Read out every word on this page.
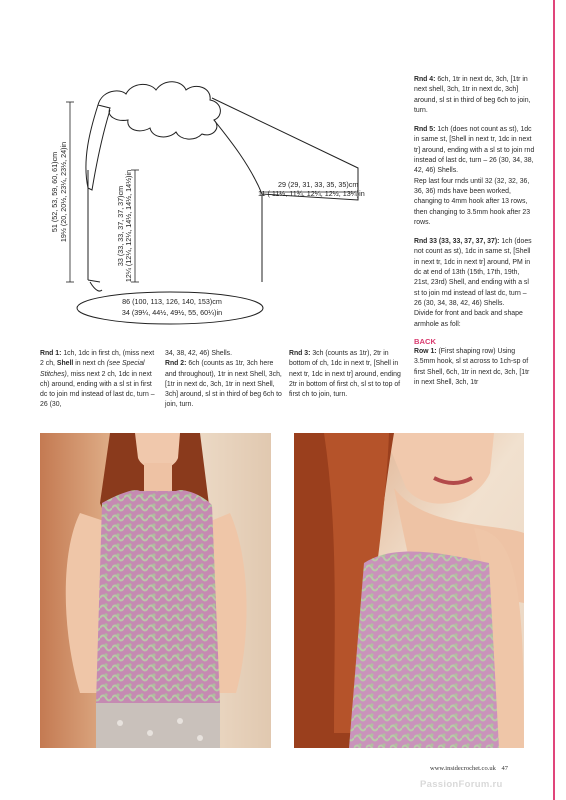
51 (52, 53, 59, 60, 61)cm 19½ (20, 20½, 23¼, 23½, 24)in	33 (33, 33, 37, 37, 37)cm 12¼ (12¼, 12¼, 14½, 14½, 14½)in	29 (29, 31, 33, 35, 35)cm
11 ( 11½, 11¾, 12¼, 12½, 13¼)in
86 (100, 113, 126, 140, 153)cm
34 (39¼, 44½, 49½, 55, 60¼)in

Rnd 4: 6ch, 1tr in next dc, 3ch, [1tr in next shell, 3ch, 1tr in next dc, 3ch] around, sl st in third of beg 6ch to join, turn.

Rnd 5: 1ch (does not count as st), 1dc in same st, [Shell in next tr, 1dc in next tr] around, ending with a sl st to join rnd instead of last dc, turn – 26 (30, 34, 38, 42, 46) Shells.

Rep last four rnds until 32 (32, 32, 36, 36, 36) rnds have been worked, changing to 4mm hook after 13 rows, then changing to 3.5mm hook after 23 rows.

Rnd 33 (33, 33, 37, 37, 37): 1ch (does not count as st), 1dc in same st, [Shell in next tr, 1dc in next tr] around, PM in dc at end of 13th (15th, 17th, 19th, 21st, 23rd) Shell, and ending with a sl st to join rnd instead of last dc, turn – 26 (30, 34, 38, 42, 46) Shells.

Divide for front and back and shape armhole as foll:

BACK

Row 1: (First shaping row) Using 3.5mm hook, sl st across to 1ch-sp of first Shell, 6ch, 1tr in next dc, 3ch, [1tr in next Shell, 3ch, 1tr

Rnd 1: 1ch, 1dc in first ch, (miss next 2 ch, Shell in next ch (see Special Stitches), miss next 2 ch, 1dc in next ch) around, ending with a sl st in first dc to join rnd instead of last dc, turn – 26 (30,

34, 38, 42, 46) Shells.

Rnd 2: 6ch (counts as 1tr, 3ch here and throughout), 1tr in next Shell, 3ch, [1tr in next dc, 3ch, 1tr in next Shell, 3ch] around, sl st in third of beg 6ch to join, turn.

Rnd 3: 3ch (counts as 1tr), 2tr in bottom of ch, 1dc in next tr, [Shell in next tr, 1dc in next tr] around, ending 2tr in bottom of first ch, sl st to top of first ch to join, turn.

www.insidecrochet.co.uk 47
PassionForum.ru
